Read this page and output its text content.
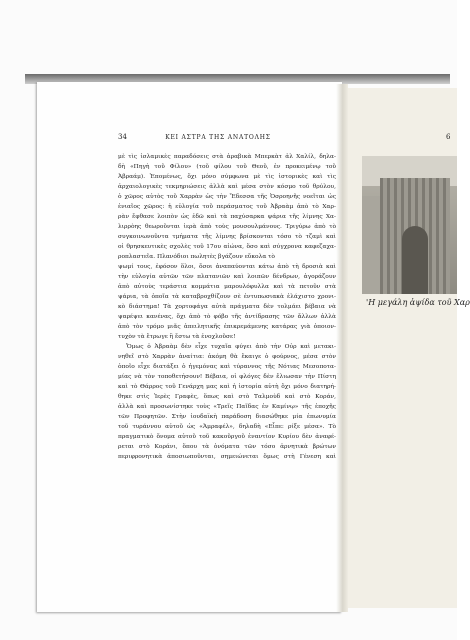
6
'Η μεγάλη ἁψίδα τοῦ Χαρ
34	ΚΕΙ ΑΣΤΡΑ ΤΗΣ ΑΝΑΤΟΛΗΣ
μὲ τὶς ἰσλαμικὲς παραδόσεις στὰ ἀραβικὰ Μπερκὰτ ἀλ Χαλίλ, δηλα-
δὴ «Πηγὴ τοῦ Φίλου» (τοῦ φίλου τοῦ Θεοῦ, ἐν προκειμένῳ τοῦ
Ἀβραάμ). Ἐπομένως, ὄχι μόνο σύμφωνα μὲ τὶς ἱστορικὲς καὶ τὶς
ἀρχαιολογικὲς τεκμηριώσεις ἀλλὰ καὶ μέσα στὸν κόσμο τοῦ θρύλου,
ὁ χῶρος αὐτὸς τοῦ Χαρρὰν ὡς τὴν Ἔδεσσα τῆς Ὀσροηνῆς νοεῖται ὡς
ἐνιαῖος χῶρος: ἡ εὐλογία τοῦ περάσματος τοῦ Ἀβραὰμ ἀπὸ τὸ Χαρ-
ρὰν ἔφθασε λοιπὸν ὡς ἐδῶ καὶ τὰ παχύσαρκα ψάρια τῆς λίμνης Χα-
λιρρὸης θεωροῦνται ἱερὰ ἀπὸ τοὺς μουσουλμάνους. Τριγύρω ἀπὸ τὸ
συγκοινωνοῦντα τμήματα τῆς λίμνης βρίσκονται τόσο τὸ τζαμὶ καὶ
οἱ θρησκευτικὲς σχολὲς τοῦ 17ου αἰώνα, ὅσο καὶ σύγχρονα καφεζαχα-
ροπλαστεῖα. Πλανόδιοι πωλητὲς βγάζουν εὔκολα τὸ
ψωμί τους, ἐφόσον ὅλοι, ὅσοι ἀναπαύονται κάτω ἀπὸ τὴ δροσιὰ καὶ
τὴν εὐλογία αὐτῶν τῶν πλατανιῶν καὶ λοιπῶν δένδρων, ἀγοράζουν
ἀπὸ αὐτοὺς τεράστια κομμάτια μαρουλόφυλλα καὶ τὰ πετοῦν στὰ
ψάρια, τὰ ὁποῖα τὰ καταβροχθίζουν σὲ ἐντυπωσιακὰ ἐλάχιστο χρονι-
κὸ διάστημα! Τὰ χορτοφάγα αὐτὰ πράγματα δὲν τολμάει βέβαια νὰ
ψαρέψει κανένας, ὄχι ἀπὸ τὸ φόβο τῆς ἀντίδρασης τῶν ἄλλων ἀλλὰ
ἀπὸ τὸν τρόμο μιᾶς ἀπειλητικῆς ἐπικρεμάμενης κατάρας γιὰ ὁποιον-
τυχὸν τὰ ἔτρωγε ἢ ἔστω τὰ ἐνοχλοῦσε!
Ὅμως ὁ Ἀβραὰμ δὲν εἶχε τυχαῖα φύγει ἀπὸ τὴν Οὐρ καὶ μετακι-
νηθεῖ στὸ Χαρρὰν ἀναίτια: ἀκόμη θὰ ἔκαιγε ὁ φούρνος, μέσα στὸν
ὁποῖο εἶχε διατάξει ὁ ἠγεμόνας καὶ τύραννος τῆς Νότιας Μεσοποτα-
μίας νὰ τὸν τοποθετήσουν! Βέβαια, οἱ φλόγες δὲν ἔλιωσαν τὴν Πίστη
καὶ τὸ Θάρρος τοῦ Γενάρχη μας καὶ ἡ ἱστορία αὐτὴ ὄχι μόνο διατηρή-
θηκε στὶς Ἱερὲς Γραφὲς, ὅπως καὶ στὸ Ταλμοὺδ καὶ στὸ Κοράν,
ἀλλὰ καὶ προσωνίστηκε τοὺς «Τρεῖς Παῖδας ἐν Καμίνῳ» τῆς ἐποχῆς
τῶν Προφητῶν. Στὴν ἰουδαϊκὴ παράδοση διασώθηκε μία ἐπωνυμία
τοῦ τυράννου αὐτοῦ ὡς «Ἀμραφέλ», δηλαδὴ «Εἶπε: ρίξε μέσα». Τὸ
πραγματικὸ ὄνομα αὐτοῦ τοῦ κακοῦργοῦ ἐναντίον Κυρίου δὲν ἀναφέ-
ρεται στὸ Κοράνι, ὅπου τὰ ὀνόματα τῶν τόσο ἀρνητικὰ βρώτων
περιφρονητικὰ ἀποσιωποῦνται, σημειώνεται ὅμως στὴ Γένεση καὶ
